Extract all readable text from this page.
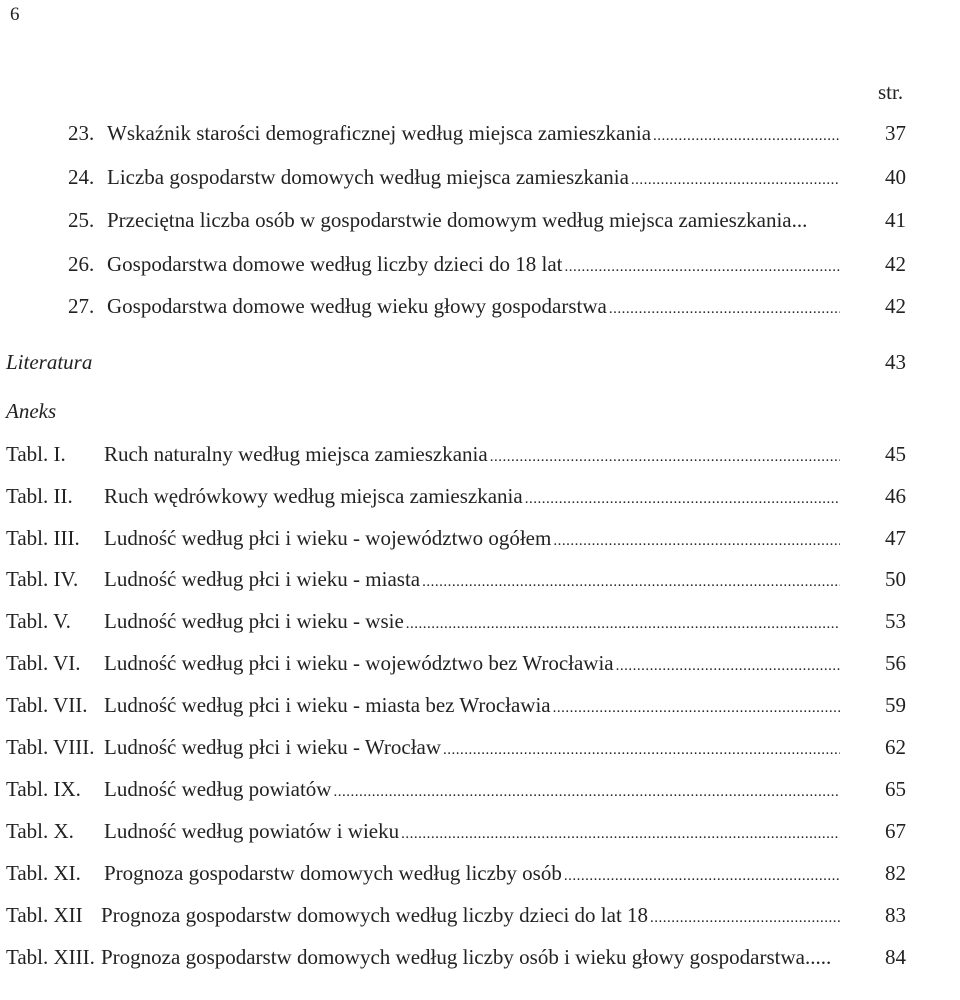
6
str.
23. Wskaźnik starości demograficznej według miejsca zamieszkania .....	37
24. Liczba gospodarstw domowych według miejsca zamieszkania .....	40
25. Przeciętna liczba osób w gospodarstwie domowym według miejsca zamieszkania...	41
26. Gospodarstwa domowe według liczby dzieci do 18 lat .....	42
27. Gospodarstwa domowe według wieku głowy gospodarstwa .....	42
Literatura	43
Aneks
Tabl. I. Ruch naturalny według miejsca zamieszkania .....	45
Tabl. II. Ruch wędrówkowy według miejsca zamieszkania .....	46
Tabl. III. Ludność według płci i wieku - województwo ogółem .....	47
Tabl. IV. Ludność według płci i wieku - miasta .....	50
Tabl. V. Ludność według płci i wieku - wsie .....	53
Tabl. VI. Ludność według płci i wieku - województwo bez Wrocławia .....	56
Tabl. VII. Ludność według płci i wieku - miasta bez Wrocławia .....	59
Tabl. VIII. Ludność według płci i wieku - Wrocław .....	62
Tabl. IX. Ludność według powiatów .....	65
Tabl. X. Ludność według powiatów i wieku .....	67
Tabl. XI. Prognoza gospodarstw domowych według liczby osób .....	82
Tabl. XII Prognoza gospodarstw domowych według liczby dzieci do lat 18 .....	83
Tabl. XIII. Prognoza gospodarstw domowych według liczby osób i wieku głowy gospodarstwa.....	84
